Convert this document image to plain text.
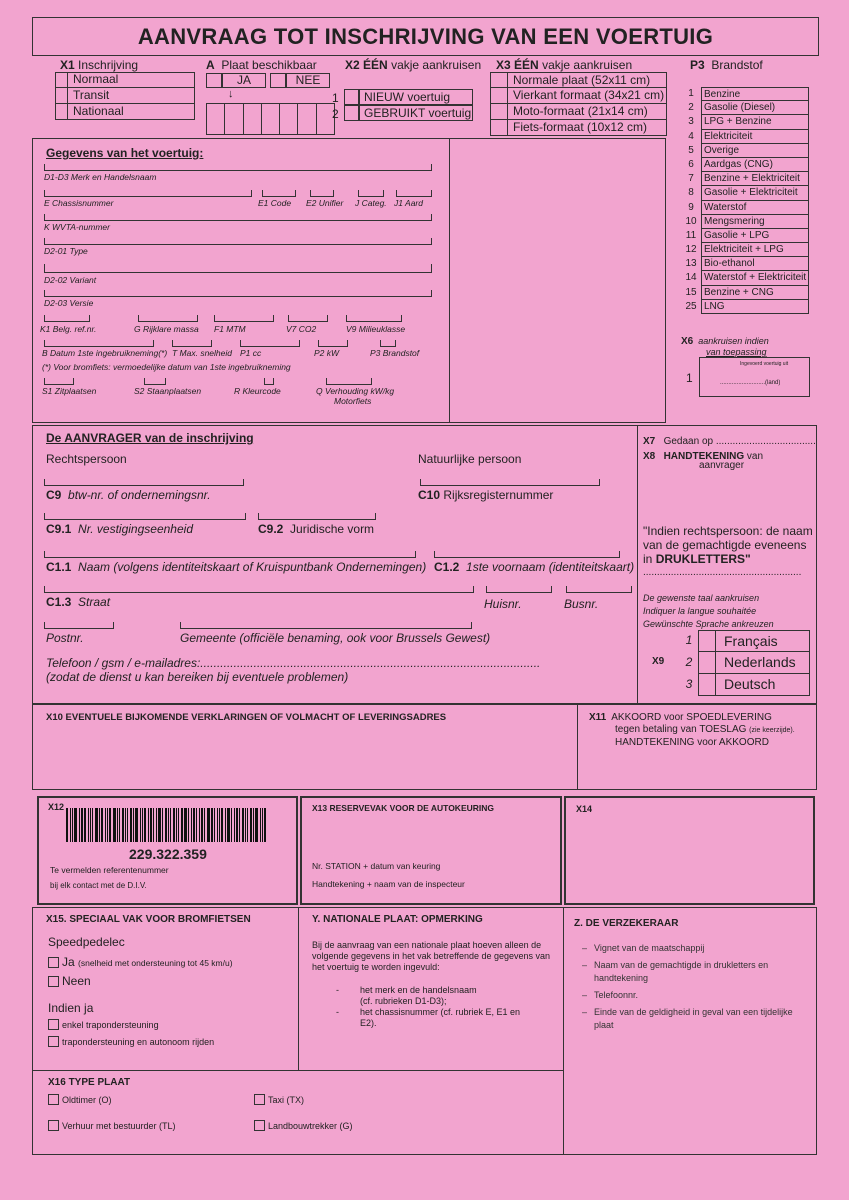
AANVRAAG TOT INSCHRIJVING VAN EEN VOERTUIG
X1 Inschrijving
Normaal
Transit
Nationaal
A Plaat beschikbaar
JA	NEE
↓
X2 ÉÉN vakje aankruisen
1
2
NIEUW voertuig
GEBRUIKT voertuig
X3 ÉÉN vakje aankruisen
Normale plaat (52x11 cm)
Vierkant formaat (34x21 cm)
Moto-formaat (21x14 cm)
Fiets-formaat (10x12 cm)
P3 Brandstof
1	Benzine
2	Gasolie (Diesel)
3	LPG + Benzine
4	Elektriciteit
5	Overige
6	Aardgas (CNG)
7	Benzine + Elektriciteit
8	Gasolie + Elektriciteit
9	Waterstof
10 Mengsmering
11 Gasolie + LPG
12 Elektriciteit + LPG
13 Bio-ethanol
14 Waterstof + Elektriciteit
15 Benzine + CNG
25 LNG
X6 aankruisen indien
van toepassing
1
Ingevoerd voertuig uit
...........................(land)
Gegevens van het voertuig:
D1-D3 Merk en Handelsnaam
E Chassisnummer	E1 Code E2 Unifier J Categ. J1 Aard
K WVTA-nummer
D2-01 Type
D2-02 Variant
D2-03 Versie
K1 Belg. ref.nr.	G Rijklare massa F1 MTM	V7 CO2	V9 Milieuklasse
B Datum 1ste ingebruikneming(*) T Max. snelheid P1 cc	P2 kW	P3 Brandstof
(*) Voor bromfiets: vermoedelijke datum van 1ste ingebruikneming
S1 Zitplaatsen	S2 Staanplaatsen	R Kleurcode	Q Verhouding kW/kg
Motorfiets
De AANVRAGER van de inschrijving
Rechtspersoon	Natuurlijke persoon
C9 btw-nr. of ondernemingsnr.	C10 Rijksregisternummer
C9.1 Nr. vestigingseenheid	C9.2 Juridische vorm
C1.1 Naam (volgens identiteitskaart of Kruispuntbank Ondernemingen) C1.2 1ste voornaam (identiteitskaart)
C1.3 Straat	Huisnr.	Busnr.
Postnr.	Gemeente (officiële benaming, ook voor Brussels Gewest)
Telefoon / gsm / e-mailadres:......................................................................................................
(zodat de dienst u kan bereiken bij eventuele problemen)
X7 Gedaan op ....................................
X8 HANDTEKENING van
aanvrager
"Indien rechtspersoon: de naam
van de gemachtigde eveneens
in DRUKLETTERS"
.........................................................
De gewenste taal aankruisen
Indiquer la langue souhaitée
Gewünschte Sprache ankreuzen
X9
1	Français
2	Nederlands
3	Deutsch
X10 EVENTUELE BIJKOMENDE VERKLARINGEN OF VOLMACHT OF LEVERINGSADRES	X11 AKKOORD voor SPOEDLEVERING
tegen betaling van TOESLAG (zie keerzijde).
HANDTEKENING voor AKKOORD
X12
229.322.359
Te vermelden referentenummer
bij elk contact met de D.I.V.
X13 RESERVEVAK VOOR DE AUTOKEURING
Nr. STATION + datum van keuring
Handtekening + naam van de inspecteur
X14
X15. SPECIAAL VAK VOOR BROMFIETSEN
Speedpedelec
Ja (snelheid met ondersteuning tot 45 km/u)
Neen
Indien ja
enkel trapondersteuning
trapondersteuning en autonoom rijden
Y. NATIONALE PLAAT: OPMERKING
Bij de aanvraag van een nationale plaat hoeven alleen de volgende gegevens in het vak betreffende de gegevens van het voertuig te worden ingevuld:
- het merk en de handelsnaam
(cf. rubrieken D1-D3);
- het chassisnummer (cf. rubriek E, E1 en
E2).
Z. DE VERZEKERAAR
– Vignet van de maatschappij
– Naam van de gemachtigde in drukletters en handtekening
– Telefoonnr.
– Einde van de geldigheid in geval van een tijdelijke plaat
X16 TYPE PLAAT
Oldtimer (O)	Taxi (TX)
Verhuur met bestuurder (TL)	Landbouwtrekker (G)
